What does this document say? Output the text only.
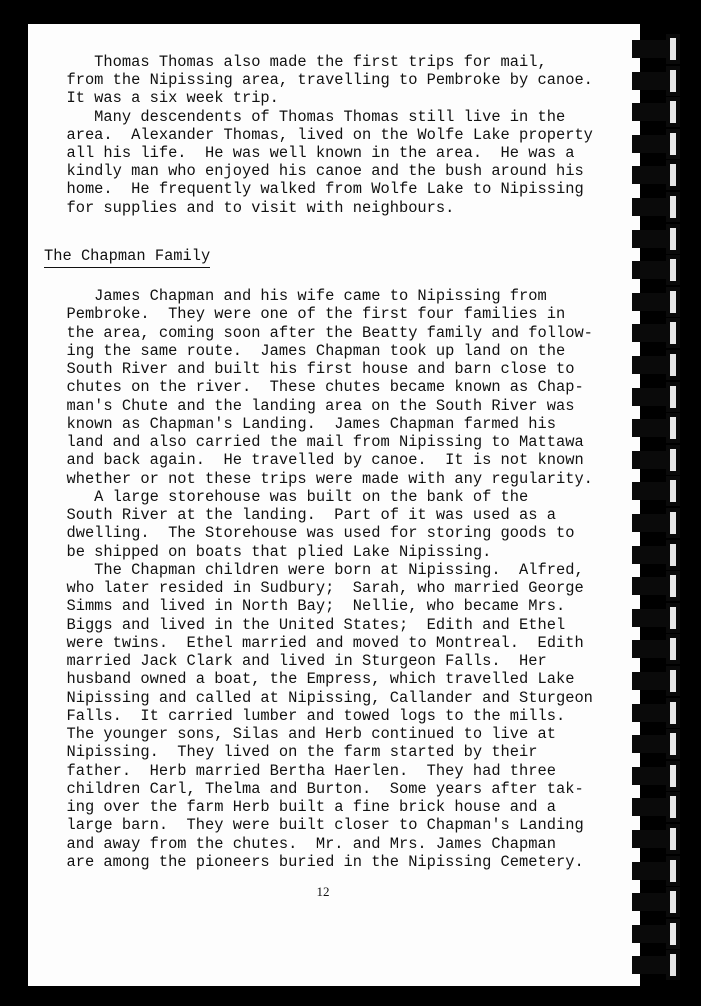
Thomas Thomas also made the first trips for mail,
from the Nipissing area, travelling to Pembroke by canoe.
It was a six week trip.
Many descendents of Thomas Thomas still live in the
area.  Alexander Thomas, lived on the Wolfe Lake property
all his life.  He was well known in the area.  He was a
kindly man who enjoyed his canoe and the bush around his
home.  He frequently walked from Wolfe Lake to Nipissing
for supplies and to visit with neighbours.
The Chapman Family
James Chapman and his wife came to Nipissing from
Pembroke.  They were one of the first four families in
the area, coming soon after the Beatty family and follow-
ing the same route.  James Chapman took up land on the
South River and built his first house and barn close to
chutes on the river.  These chutes became known as Chap-
man's Chute and the landing area on the South River was
known as Chapman's Landing.  James Chapman farmed his
land and also carried the mail from Nipissing to Mattawa
and back again.  He travelled by canoe.  It is not known
whether or not these trips were made with any regularity.
A large storehouse was built on the bank of the
South River at the landing.  Part of it was used as a
dwelling.  The Storehouse was used for storing goods to
be shipped on boats that plied Lake Nipissing.
The Chapman children were born at Nipissing.  Alfred,
who later resided in Sudbury;  Sarah, who married George
Simms and lived in North Bay;  Nellie, who became Mrs.
Biggs and lived in the United States;  Edith and Ethel
were twins.  Ethel married and moved to Montreal.  Edith
married Jack Clark and lived in Sturgeon Falls.  Her
husband owned a boat, the Empress, which travelled Lake
Nipissing and called at Nipissing, Callander and Sturgeon
Falls.  It carried lumber and towed logs to the mills.
The younger sons, Silas and Herb continued to live at
Nipissing.  They lived on the farm started by their
father.  Herb married Bertha Haerlen.  They had three
children Carl, Thelma and Burton.  Some years after tak-
ing over the farm Herb built a fine brick house and a
large barn.  They were built closer to Chapman's Landing
and away from the chutes.  Mr. and Mrs. James Chapman
are among the pioneers buried in the Nipissing Cemetery.
12
